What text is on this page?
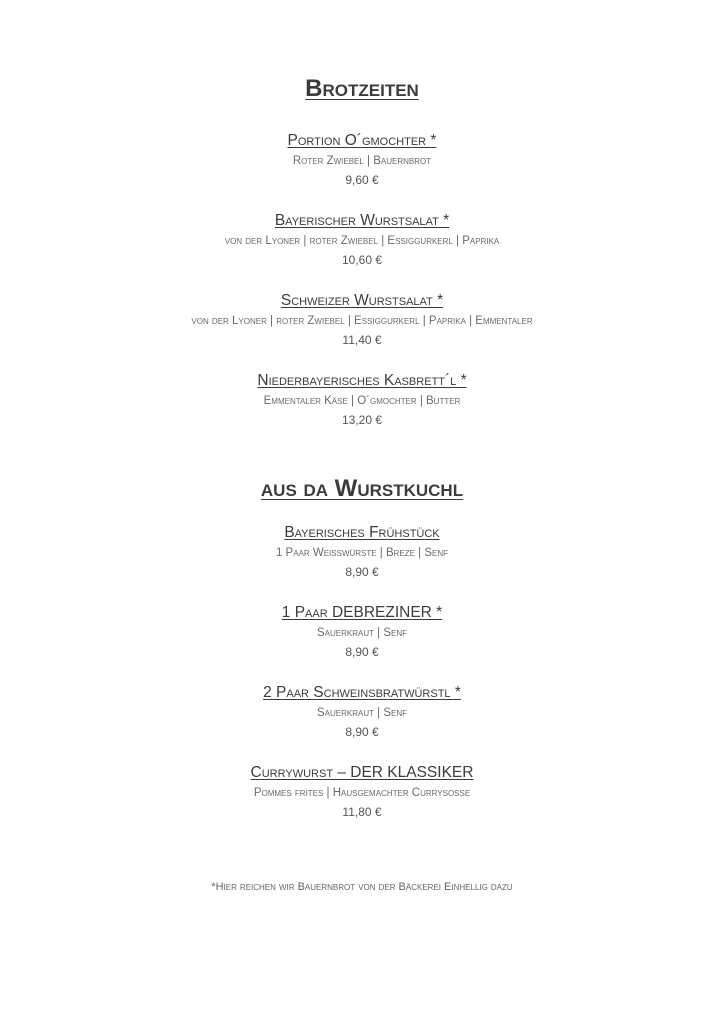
Brotzeiten
Portion O´gmochter *
Roter Zwiebel | Bauernbrot
9,60 €
Bayerischer Wurstsalat *
von der Lyoner | roter Zwiebel | Essiggurkerl | Paprika
10,60 €
Schweizer Wurstsalat *
von der Lyoner | roter Zwiebel | Essiggurkerl | Paprika | Emmentaler
11,40 €
Niederbayerisches Kasbrett´l *
Emmentaler Käse | O´gmochter | Butter
13,20 €
aus da Wurstkuchl
Bayerisches Frühstück
1 Paar Weißwürste | Breze | Senf
8,90 €
1 Paar DEBREZINER *
Sauerkraut | Senf
8,90 €
2 Paar Schweinsbratwürstl *
Sauerkraut | Senf
8,90 €
Currywurst – DER KLASSIKER
Pommes frites | Hausgemachter Currysoße
11,80 €
*Hier reichen wir Bauernbrot von der Bäckerei Einhellig dazu
